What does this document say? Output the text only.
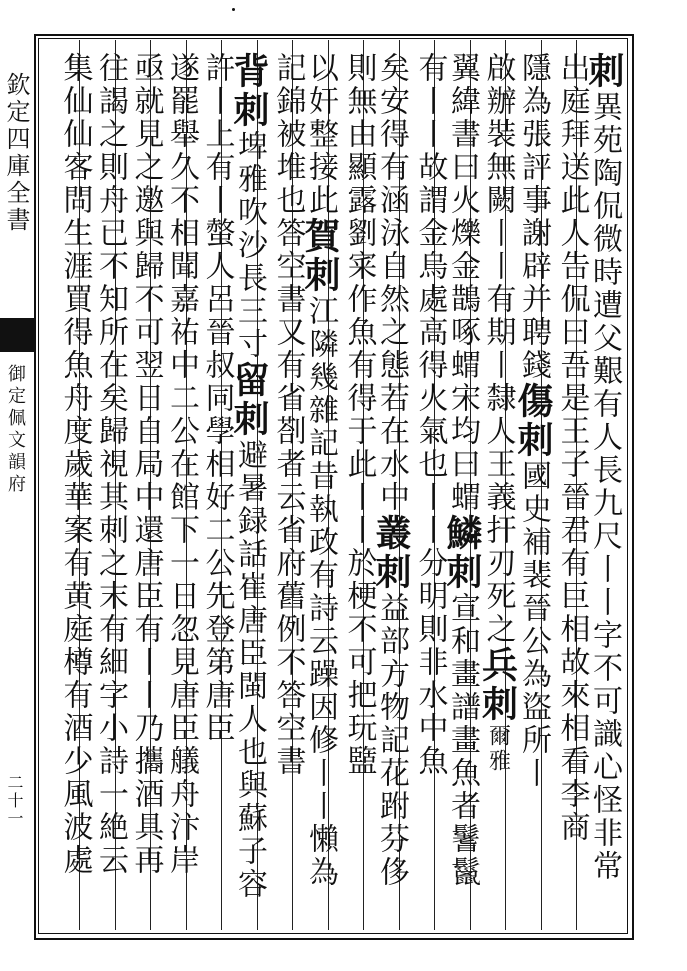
欽定四庫全書
御定佩文韻府
二十一
刺異苑陶侃微時遭父艱有人長九尺丨丨字不可識心怪非常
出庭拜送此人告侃曰吾是王子晉君有巨相故來相看李商
隱為張評事謝辟并聘錢傷刺國史補裴晉公為盜所丨
啟辦裝無闕丨丨有期丨隸人王義扞刃死之兵刺爾雅
翼緯書曰火爍金鵲啄蝟宋均曰蝟鱗刺宣和畫譜畫魚者鬐鬣
有丨丨故謂金烏處高得火氣也丨丨分明則非水中魚
矣安得有涵泳自然之態若在水中叢刺益部方物記花跗芬侈
則無由顯露劉宷作魚有得于此丨丨於梗不可把玩盬
以奸整接此賀刺江隣幾雜記昔執政有詩云躁因修丨丨懶為
記錦被堆也答空書又有省剳者云省府舊例不答空書
背刺埤雅吹沙長三寸留刺避暑録話崔唐臣閩人也與蘇子容
許丨上有丨螫人呂晉叔同學相好二公先登第唐臣
遂罷舉久不相聞嘉祐中二公在館下一日忽見唐臣艤舟汴岸
亟就見之邀與歸不可翌日自局中還唐臣有丨丨乃攜酒具再
往謁之則舟已不知所在矣歸視其刺之末有細字小詩一絶云
集仙仙客問生涯買得魚舟度歲華案有黄庭樽有酒少風波處
